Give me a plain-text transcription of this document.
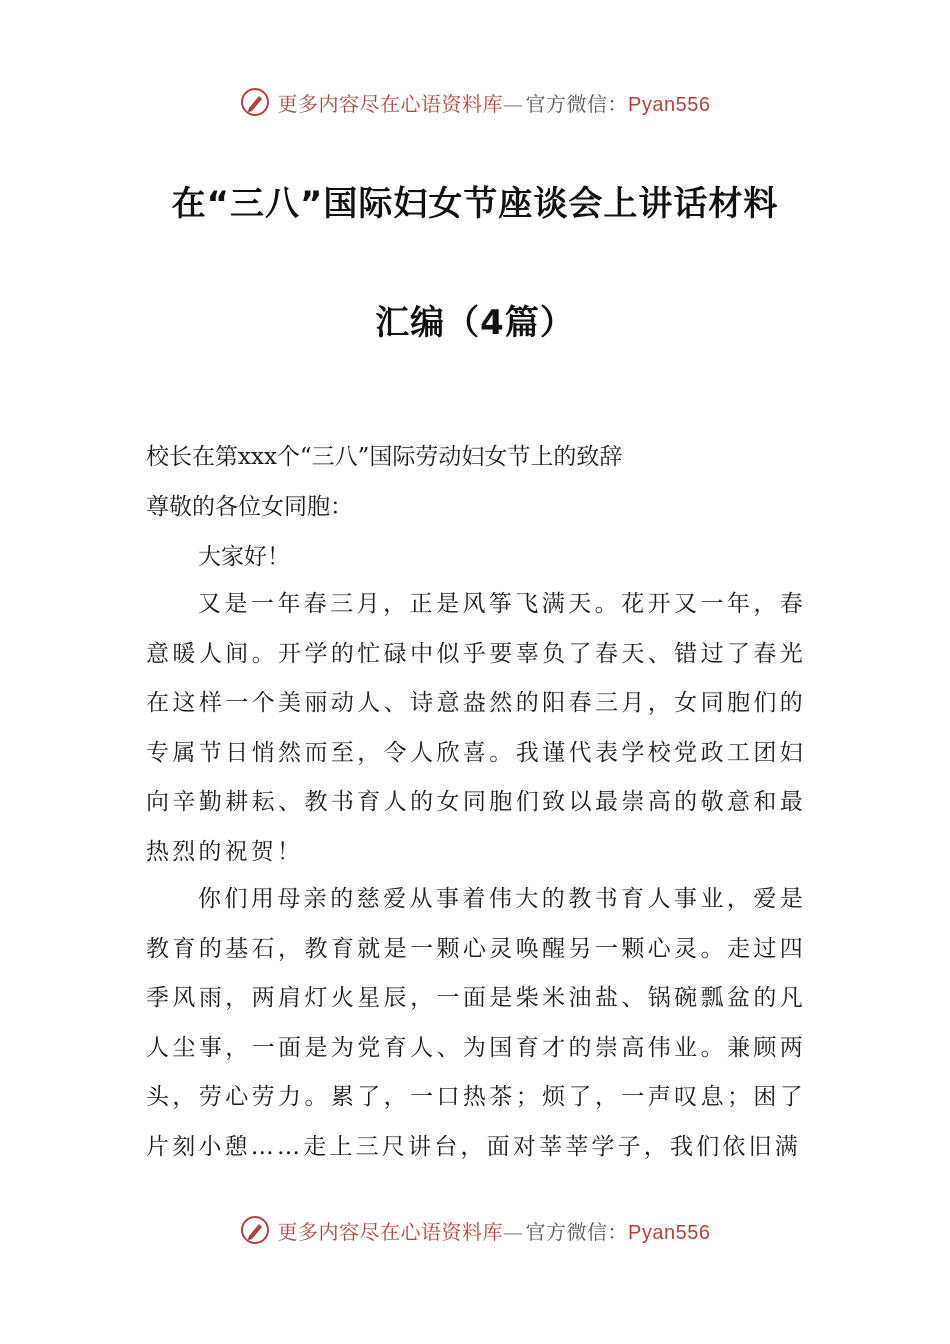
更多内容尽在心语资料库— 官方微信：Pyan556
在“三八”国际妇女节座谈会上讲话材料
汇编（4篇）
校长在第xxx个“三八”国际劳动妇女节上的致辞
尊敬的各位女同胞：
大家好！

又是一年春三月，正是风筝飞满天。花开又一年，春意暖人间。开学的忙碌中似乎要辜负了春天、错过了春光在这样一个美丽动人、诗意盎然的阳春三月，女同胞们的专属节日悄然而至，令人欣喜。我谨代表学校党政工团妇向辛勤耕耘、教书育人的女同胞们致以最崇高的敬意和最热烈的祝贺！

你们用母亲的慈爱从事着伟大的教书育人事业，爱是教育的基石，教育就是一颗心灵唤醒另一颗心灵。走过四季风雨，两肩灯火星辰，一面是柴米油盐、锅碗瓢盆的凡人尘事，一面是为党育人、为国育才的崇高伟业。兼顾两头，劳心劳力。累了，一口热茶；烦了，一声叹息；困了片刻小憩……走上三尺讲台，面对莘莘学子，我们依旧满

更多内容尽在心语资料库— 官方微信：Pyan556
